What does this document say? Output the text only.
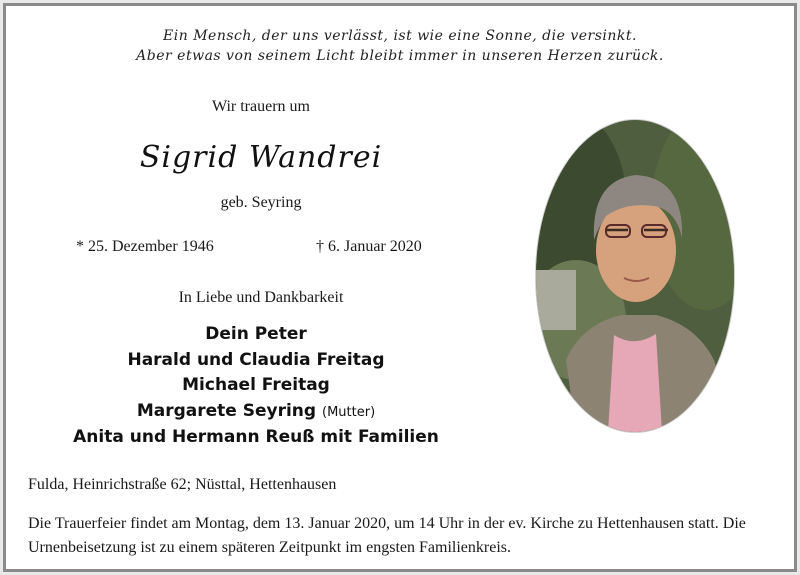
Ein Mensch, der uns verlässt, ist wie eine Sonne, die versinkt.
Aber etwas von seinem Licht bleibt immer in unseren Herzen zurück.
Wir trauern um
Sigrid Wandrei
geb. Seyring
* 25. Dezember 1946	† 6. Januar 2020
In Liebe und Dankbarkeit
Dein Peter
Harald und Claudia Freitag
Michael Freitag
Margarete Seyring (Mutter)
Anita und Hermann Reuß mit Familien
Fulda, Heinrichstraße 62; Nüsttal, Hettenhausen
Die Trauerfeier findet am Montag, dem 13. Januar 2020, um 14 Uhr in der ev. Kirche zu Hettenhausen statt. Die Urnenbeisetzung ist zu einem späteren Zeitpunkt im engsten Familienkreis.
